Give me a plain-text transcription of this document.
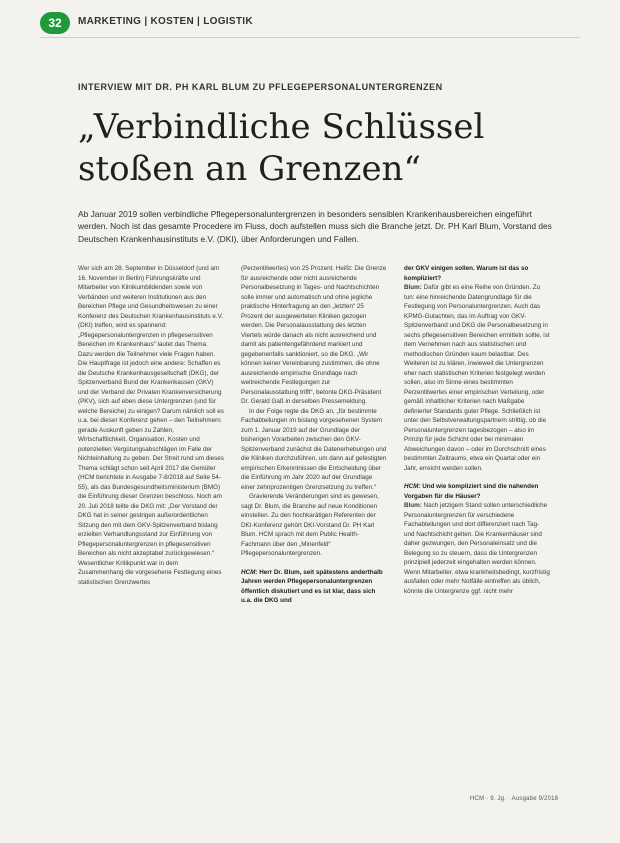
32	MARKETING | KOSTEN | LOGISTIK
INTERVIEW MIT DR. PH KARL BLUM ZU PFLEGEPERSONALUNTERGRENZEN
„Verbindliche Schlüssel
stoßen an Grenzen“
Ab Januar 2019 sollen verbindliche Pflegepersonaluntergrenzen in besonders sensiblen Krankenhausbereichen eingeführt werden. Noch ist das gesamte Procedere im Fluss, doch aufstellen muss sich die Branche jetzt. Dr. PH Karl Blum, Vorstand des Deutschen Krankenhausinstituts e.V. (DKI), über Anforderungen und Fallen.

Wer sich am 28. September in Düsseldorf (und am 16. November in Berlin) Führungskräfte und Mitarbeiter von Klinikumbildenden sowie von Verbänden und weiteren Institutionen aus den Bereichen Pflege und Gesundheitswesen zu einer Konferenz des Deutschen Krankenhausinstituts e.V. (DKI) treffen, wird es spannend: „Pflegepersonaluntergrenzen in pflegesensitiven Bereichen im Krankenhaus“ lautet das Thema. Dazu werden die Teilnehmer viele Fragen haben. Die Hauptfrage ist jedoch eine andere: Schaffen es die Deutsche Krankenhausgesellschaft (DKG), der Spitzenverband Bund der Krankenkassen (GKV) und der Verband der Privaten Krankenversicherung (PKV), sich auf eben diese Untergrenzen (und für welche Bereiche) zu einigen? Darum nämlich soll es u.a. bei dieser Konferenz gehen – den Teilnehmern gerade Auskunft geben zu Zahlen, Wirtschaftlichkeit, Organisation, Kosten und potenziellen Vergütungsabschlägen im Falle der Nichteinhaltung zu geben. Der Streit rund um dieses Thema schlägt schon seit April 2017 die Gemüter (HCM berichtete in Ausgabe 7-8/2018 auf Seite 54-55), als das Bundesgesundheitsministerium (BMG) die Einführung dieser Grenzen beschloss. Noch am 20. Juli 2018 teilte die DKG mit: „Der Vorstand der DKG hat in seiner gestrigen außerordentlichen Sitzung den mit dem GKV-Spitzenverband bislang erzielten Verhandlungsstand zur Einführung von Pflegepersonaluntergrenzen in pflegesensitiven Bereichen als nicht akzeptabel zurückgewiesen.“ Wesentlicher Kritikpunkt war in dem Zusammenhang die vorgesehene Festlegung eines statistischen Grenzwertes

(Perzentilwertes) von 25 Prozent. Heißt: Die Grenze für ausreichende oder nicht ausreichende Personalbesetzung in Tages- und Nachtschichten solle immer und automatisch und ohne jegliche praktische Hinterfragung an den „letzten“ 25 Prozent der ausgewerteten Kliniken gezogen werden. Die Personalausstattung des letzten Viertels würde danach als nicht ausreichend und damit als patientengefährdend markiert und gegebenenfalls sanktioniert, so die DKG. „Wir können keiner Vereinbarung zustimmen, die ohne ausreichende empirische Grundlage nach weitreichende Festlegungen zur Personalausstattung trifft“, betonte DKG-Präsident Dr. Gerald Gaß in derselben Pressemeldung.

In der Folge regte die DKG an, „für bestimmte Fachabteilungen im bislang vorgesehenen System zum 1. Januar 2019 auf der Grundlage der bisherigen Vorarbeiten zwischen den GKV-Spitzenverband zunächst die Datenerhebungen und die Kliniken durchzuführen, um dann auf gefestigten empirischen Erkenntnissen die Entscheidung über die Einführung im Jahr 2020 auf der Grundlage einer zehnprozentigen Grenzsetzung zu treffen.“

Gravierende Veränderungen sind es gewesen, sagt Dr. Blum, die Branche auf neue Konditionen einstellen. Zu den hochkarätigen Referenten der DKI-Konferenz gehört DKI-Vorstand Dr. PH Karl Blum. HCM sprach mit dem Public Health-Fachmann über den „Minenfeld“ Pflegepersonaluntergrenzen.

HCM: Herr Dr. Blum, seit spätestens anderthalb Jahren werden Pflegepersonaluntergrenzen öffentlich diskutiert und es ist klar, dass sich u.a. die DKG und

der GKV einigen sollen. Warum ist das so kompliziert?

Blum: Dafür gibt es eine Reihe von Gründen. Zu tun: eine hinreichende Datengrundlage für die Festlegung von Personaluntergrenzen. Auch das KPMG-Gutachten, das im Auftrag von GKV-Spitzenverband und DKG die Personalbesetzung in sechs pflegesensitiven Bereichen ermitteln sollte, ist dem Vernehmen nach aus statistischen und methodischen Gründen kaum belastbar. Des Weiteren ist zu klären, inwieweit die Untergrenzen eher nach statistischen Kriterien festgelegt werden sollen, also im Sinne eines bestimmten Perzentilwertes einer empirischen Verteilung, oder gemäß inhaltlicher Kriterien nach Maßgabe definierter Standards guter Pflege. Schließlich ist unter den Selbstverwaltungspartnern strittig, ob die Personaluntergrenzen tagesbezogen – also im Prinzip für jede Schicht oder bei minimalen Abweichungen davon – oder im Durchschnitt eines bestimmten Zeitraums, etwa ein Quartal oder ein Jahr, erreicht werden sollen.

HCM: Und wie kompliziert sind die nahenden Vorgaben für die Häuser?

Blum: Nach jetzigem Stand sollen unterschiedliche Personaluntergrenzen für verschiedene Fachabteilungen und dort differenziert nach Tag- und Nachtschicht gelten. Die Krankenhäuser sind daher gezwungen, den Personaleinsatz und die Belegung so zu steuern, dass die Untergrenzen prinzipiell jederzeit eingehalten werden können. Wenn Mitarbeiter, etwa krankheitsbedingt, kurzfristig ausfallen oder mehr Notfälle eintreffen als üblich, könnte die Untergrenze ggf. nicht mehr

HCM · 9. Jg. · Ausgabe 9/2018
